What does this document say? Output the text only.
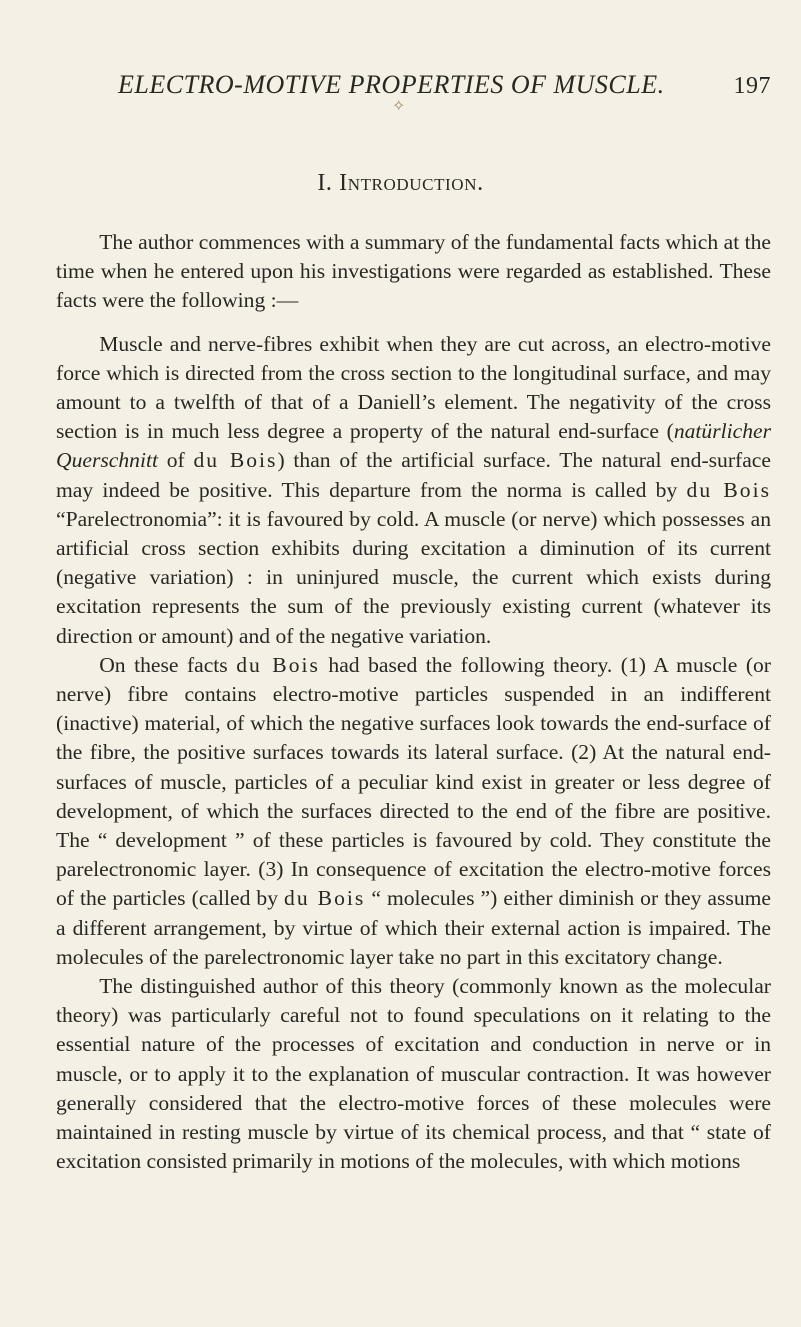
ELECTRO-MOTIVE PROPERTIES OF MUSCLE.	197
✧
I. Introduction.

The author commences with a summary of the fundamental facts which at the time when he entered upon his investigations were regarded as established. These facts were the following :—

Muscle and nerve-fibres exhibit when they are cut across, an electro-motive force which is directed from the cross section to the longitudinal surface, and may amount to a twelfth of that of a Daniell’s element. The negativity of the cross section is in much less degree a property of the natural end-surface (natürlicher Querschnitt of du Bois) than of the artificial surface. The natural end-surface may indeed be positive. This departure from the norma is called by du Bois “Parelectronomia”: it is favoured by cold. A muscle (or nerve) which possesses an artificial cross section exhibits during excitation a diminution of its current (negative variation) : in uninjured muscle, the current which exists during excitation represents the sum of the previously existing current (whatever its direction or amount) and of the negative variation.

On these facts du Bois had based the following theory. (1) A muscle (or nerve) fibre contains electro-motive particles suspended in an indifferent (inactive) material, of which the negative surfaces look towards the end-surface of the fibre, the positive surfaces towards its lateral surface. (2) At the natural end-surfaces of muscle, particles of a peculiar kind exist in greater or less degree of development, of which the surfaces directed to the end of the fibre are positive. The “ development ” of these particles is favoured by cold. They constitute the parelectronomic layer. (3) In consequence of excitation the electro-motive forces of the particles (called by du Bois “ molecules ”) either diminish or they assume a different arrangement, by virtue of which their external action is impaired. The molecules of the parelectronomic layer take no part in this excitatory change.

The distinguished author of this theory (commonly known as the molecular theory) was particularly careful not to found speculations on it relating to the essential nature of the processes of excitation and conduction in nerve or in muscle, or to apply it to the explanation of muscular contraction. It was however generally considered that the electro-motive forces of these molecules were maintained in resting muscle by virtue of its chemical process, and that “ state of excitation consisted primarily in motions of the molecules, with which motions
